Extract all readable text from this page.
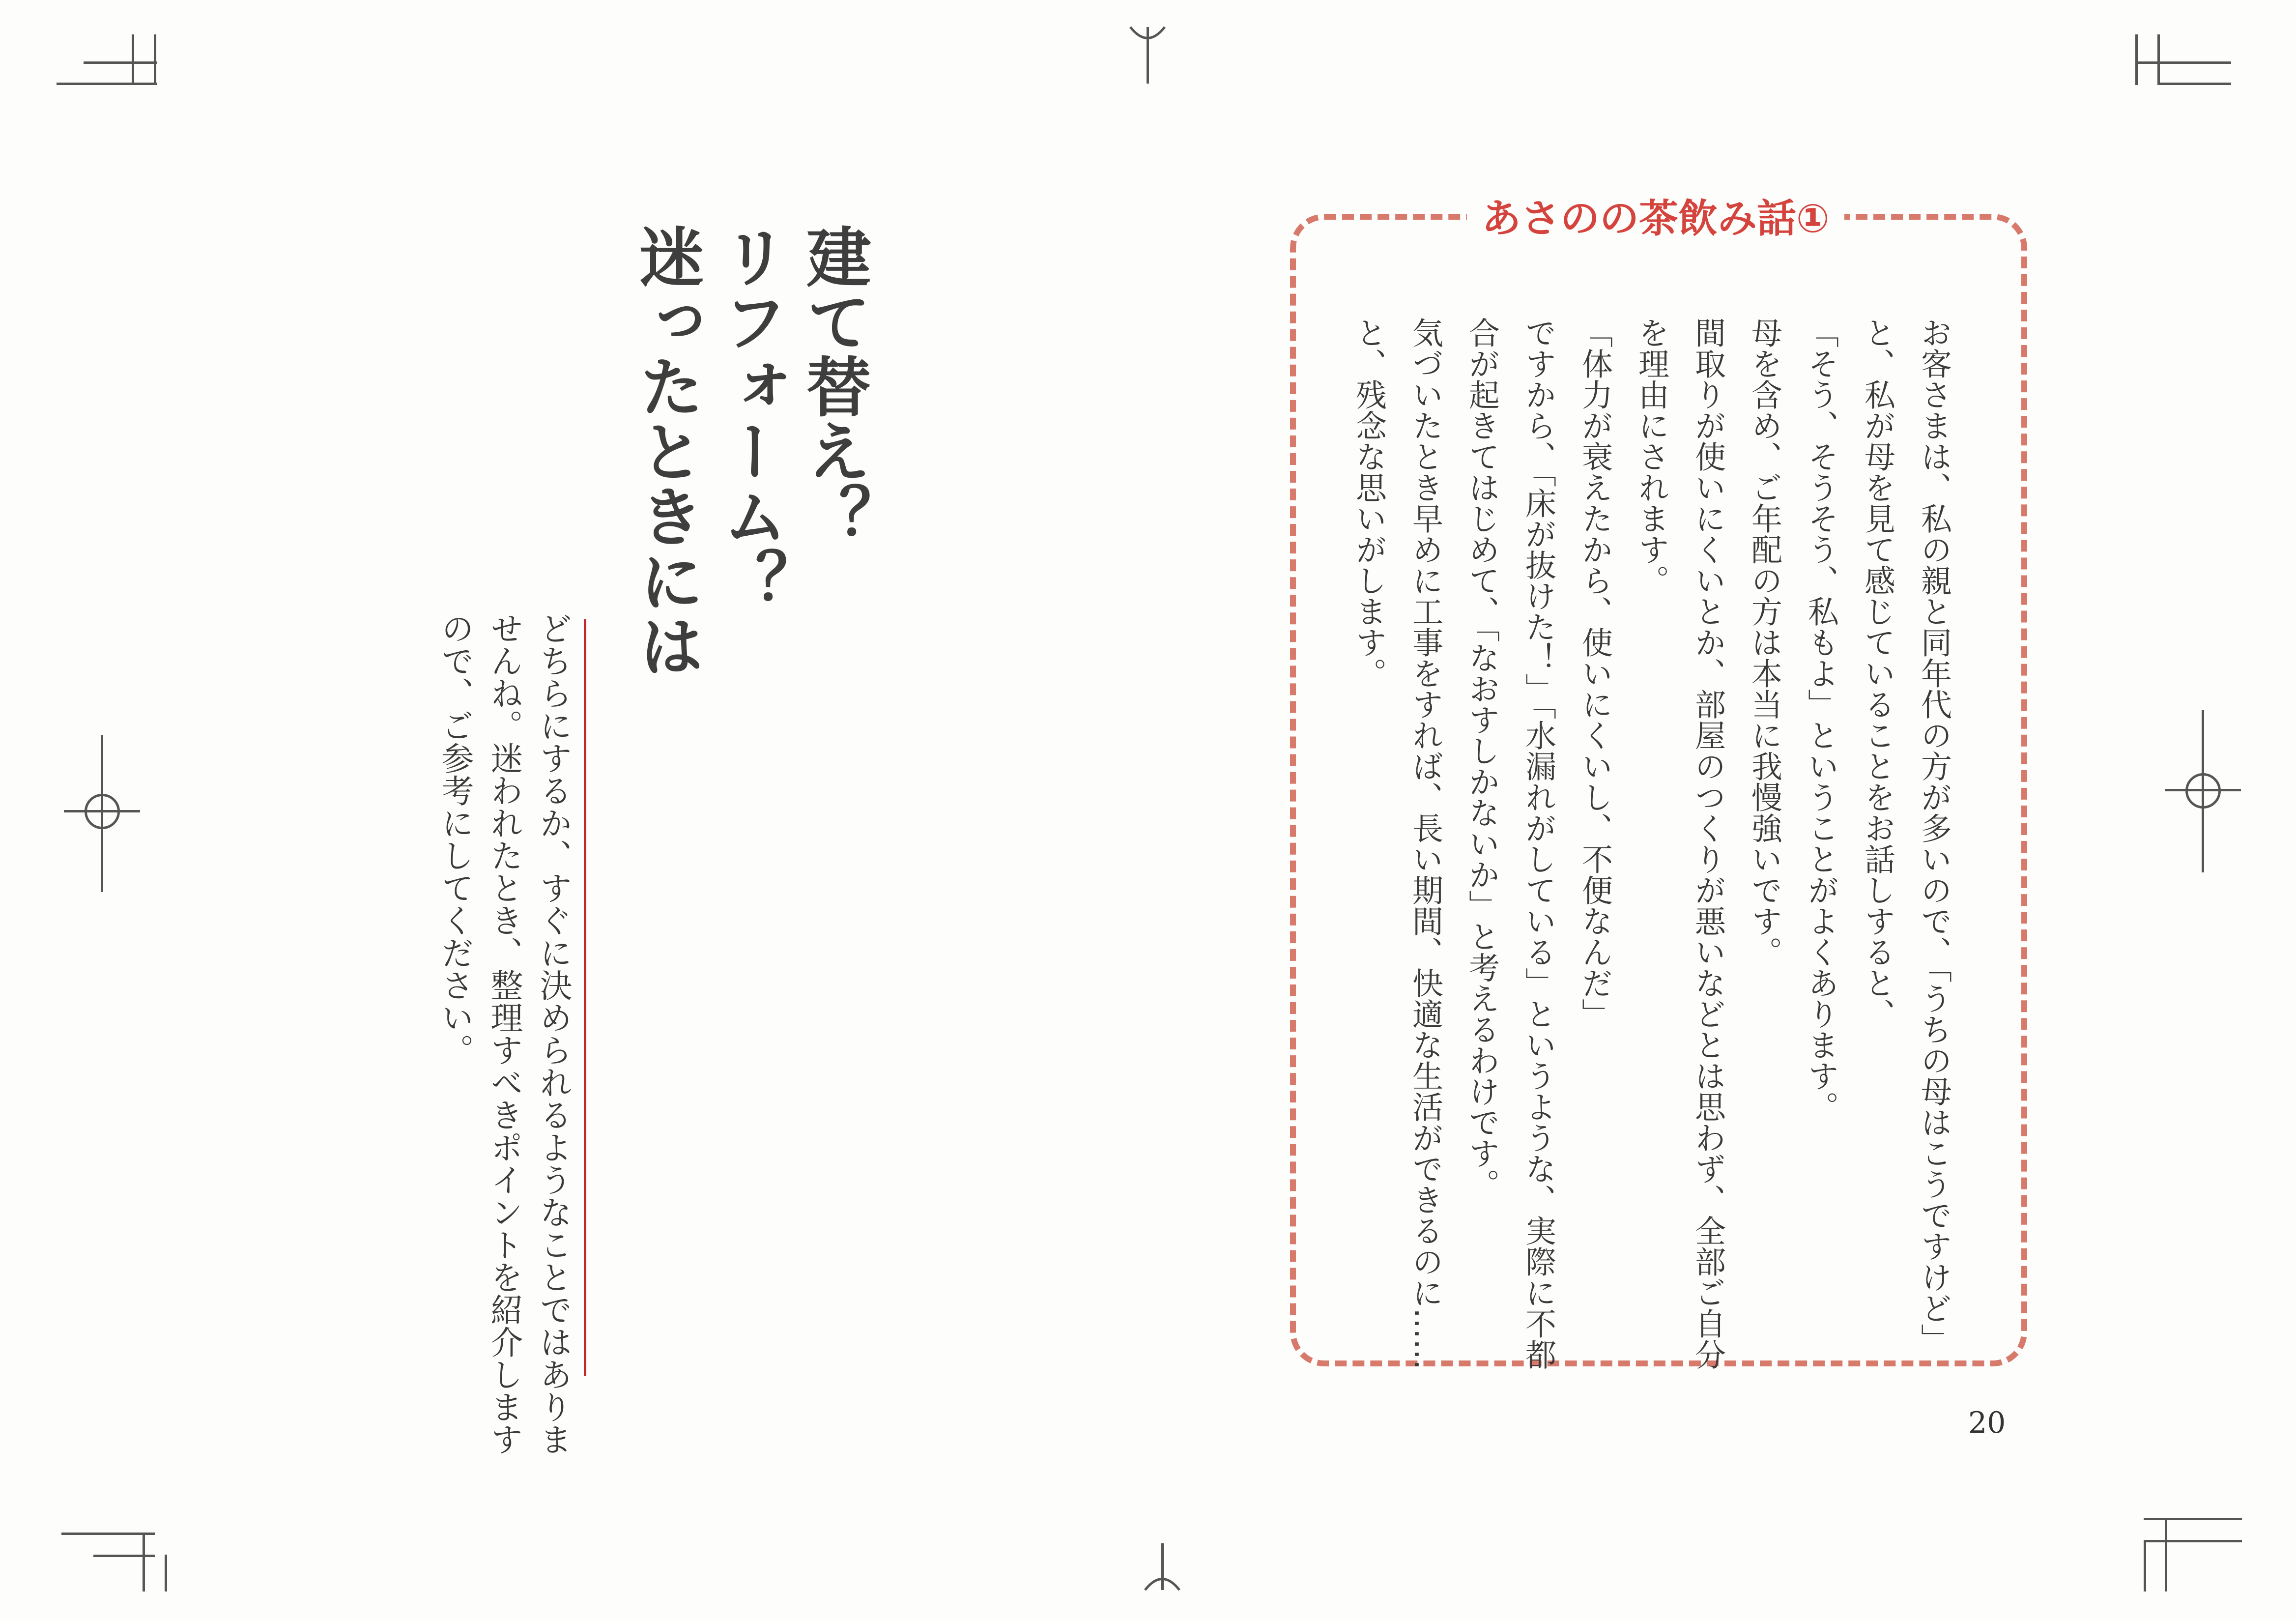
建て替え？
リフォーム？
迷ったときには
どちらにするか、すぐに決められるようなことではありま
せんね。迷われたとき、整理すべきポイントを紹介します
ので、ご参考にしてください。
あさのの茶飲み話①
お客さまは、私の親と同年代の方が多いので、「うちの母はこうですけど」
と、私が母を見て感じていることをお話しすると、
「そう、そうそう、私もよ」ということがよくあります。
母を含め、ご年配の方は本当に我慢強いです。
間取りが使いにくいとか、部屋のつくりが悪いなどとは思わず、全部ご自分
を理由にされます。
「体力が衰えたから、使いにくいし、不便なんだ」
ですから、「床が抜けた！」「水漏れがしている」というような、実際に不都
合が起きてはじめて、「なおすしかないか」と考えるわけです。
気づいたとき早めに工事をすれば、長い期間、快適な生活ができるのに……
と、残念な思いがします。
20
